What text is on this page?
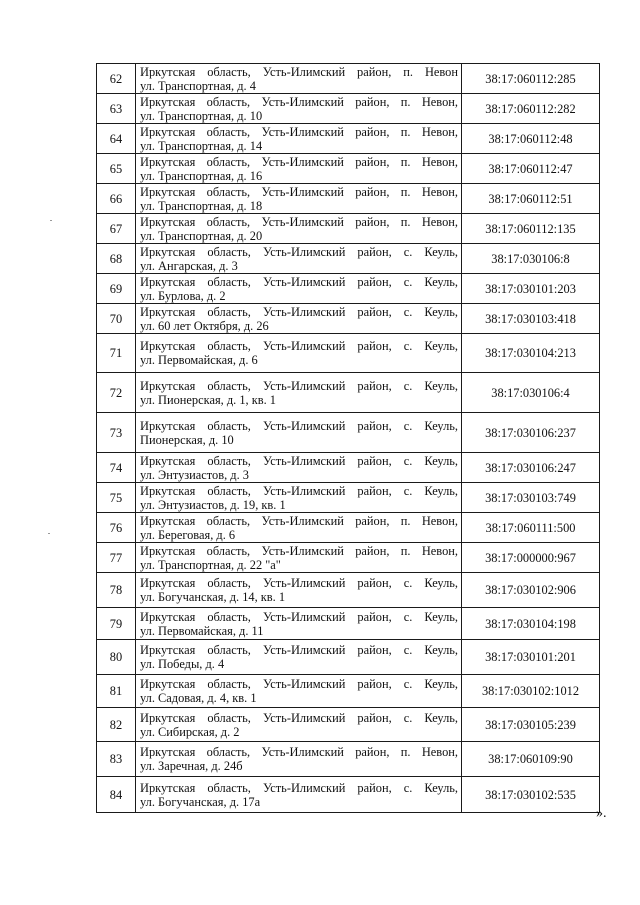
62	Иркутская область, Усть-Илимский район, п. Невон
ул. Транспортная, д. 4	38:17:060112:285
63	Иркутская область, Усть-Илимский район, п. Невон,
ул. Транспортная, д. 10	38:17:060112:282
64	Иркутская область, Усть-Илимский район, п. Невон,
ул. Транспортная, д. 14	38:17:060112:48
65	Иркутская область, Усть-Илимский район, п. Невон,
ул. Транспортная, д. 16	38:17:060112:47
66	Иркутская область, Усть-Илимский район, п. Невон,
ул. Транспортная, д. 18	38:17:060112:51
67	Иркутская область, Усть-Илимский район, п. Невон,
ул. Транспортная, д. 20	38:17:060112:135
68	Иркутская область, Усть-Илимский район, с. Кеуль,
ул. Ангарская, д. 3	38:17:030106:8
69	Иркутская область, Усть-Илимский район, с. Кеуль,
ул. Бурлова, д. 2	38:17:030101:203
70	Иркутская область, Усть-Илимский район, с. Кеуль,
ул. 60 лет Октября, д. 26	38:17:030103:418
71	Иркутская область, Усть-Илимский район, с. Кеуль,
ул. Первомайская, д. 6	38:17:030104:213
72	Иркутская область, Усть-Илимский район, с. Кеуль,
ул. Пионерская, д. 1, кв. 1	38:17:030106:4
73	Иркутская область, Усть-Илимский район, с. Кеуль,
Пионерская, д. 10	38:17:030106:237
74	Иркутская область, Усть-Илимский район, с. Кеуль,
ул. Энтузиастов, д. 3	38:17:030106:247
75	Иркутская область, Усть-Илимский район, с. Кеуль,
ул. Энтузиастов, д. 19, кв. 1	38:17:030103:749
76	Иркутская область, Усть-Илимский район, п. Невон,
ул. Береговая, д. 6	38:17:060111:500
77	Иркутская область, Усть-Илимский район, п. Невон,
ул. Транспортная, д. 22 "а"	38:17:000000:967
78	Иркутская область, Усть-Илимский район, с. Кеуль,
ул. Богучанская, д. 14, кв. 1	38:17:030102:906
79	Иркутская область, Усть-Илимский район, с. Кеуль,
ул. Первомайская, д. 11	38:17:030104:198
80	Иркутская область, Усть-Илимский район, с. Кеуль,
ул. Победы, д. 4	38:17:030101:201
81	Иркутская область, Усть-Илимский район, с. Кеуль,
ул. Садовая, д. 4, кв. 1	38:17:030102:1012
82	Иркутская область, Усть-Илимский район, с. Кеуль,
ул. Сибирская, д. 2	38:17:030105:239
83	Иркутская область, Усть-Илимский район, п. Невон,
ул. Заречная, д. 24б	38:17:060109:90
84	Иркутская область, Усть-Илимский район, с. Кеуль,
ул. Богучанская, д. 17а	38:17:030102:535
».
